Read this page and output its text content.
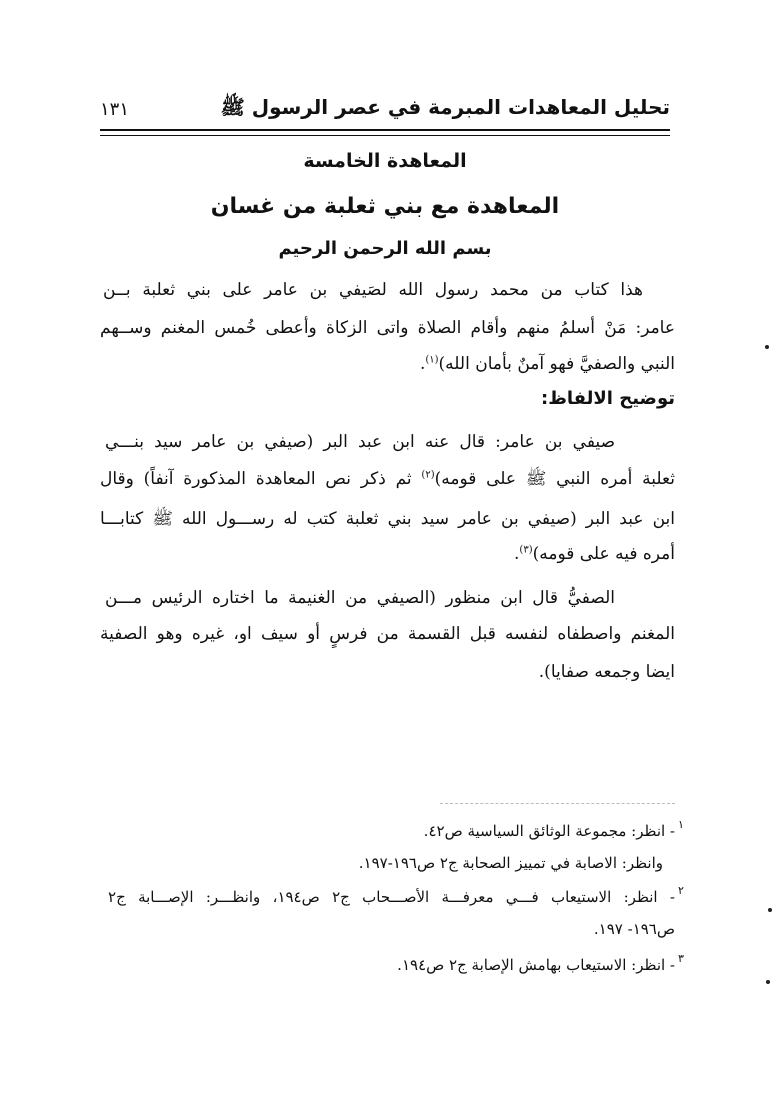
تحليل المعاهدات المبرمة في عصر الرسول ﷺ
١٣١
المعاهدة الخامسة
المعاهدة مع بني ثعلبة من غسان
بسم الله الرحمن الرحيم
هذا كتاب من محمد رسول الله لصَيفي بن عامر على بني ثعلبة بــن
عامر: مَنْ أسلمُ منهم وأقام الصلاة واتى الزكاة وأعطى خُمس المغنم وســهم
النبي والصفيَّ فهو آمنٌ بأمان الله)$^{(١)}$.
توضيح الالفاظ:
صيفي بن عامر: قال عنه ابن عبد البر (صيفي بن عامر سيد بنـــي
ثعلبة أمره النبي ﷺ على قومه)$^{(٢)}$ ثم ذكر نص المعاهدة المذكورة آنفاً) وقال
ابن عبد البر (صيفي بن عامر سيد بني ثعلبة كتب له رســـول الله ﷺ كتابـــا
أمره فيه على قومه)$^{(٣)}$.
الصفيُّ قال ابن منظور (الصيفي من الغنيمة ما اختاره الرئيس مـــن
المغنم واصطفاه لنفسه قبل القسمة من فرسٍ أو سيف او، غيره وهو الصفية
ايضا وجمعه صفايا).
١
- انظر: مجموعة الوثائق السياسية ص٤٢.
وانظر: الاصابة في تمييز الصحابة ج٢ ص١٩٦-١٩٧.
٢
- انظر: الاستيعاب فـــي معرفـــة الأصـــحاب ج٢ ص١٩٤، وانظـــر: الإصـــابة ج٢
ص١٩٦- ١٩٧.
٣
- انظر: الاستيعاب بهامش الإصابة ج٢ ص١٩٤.
